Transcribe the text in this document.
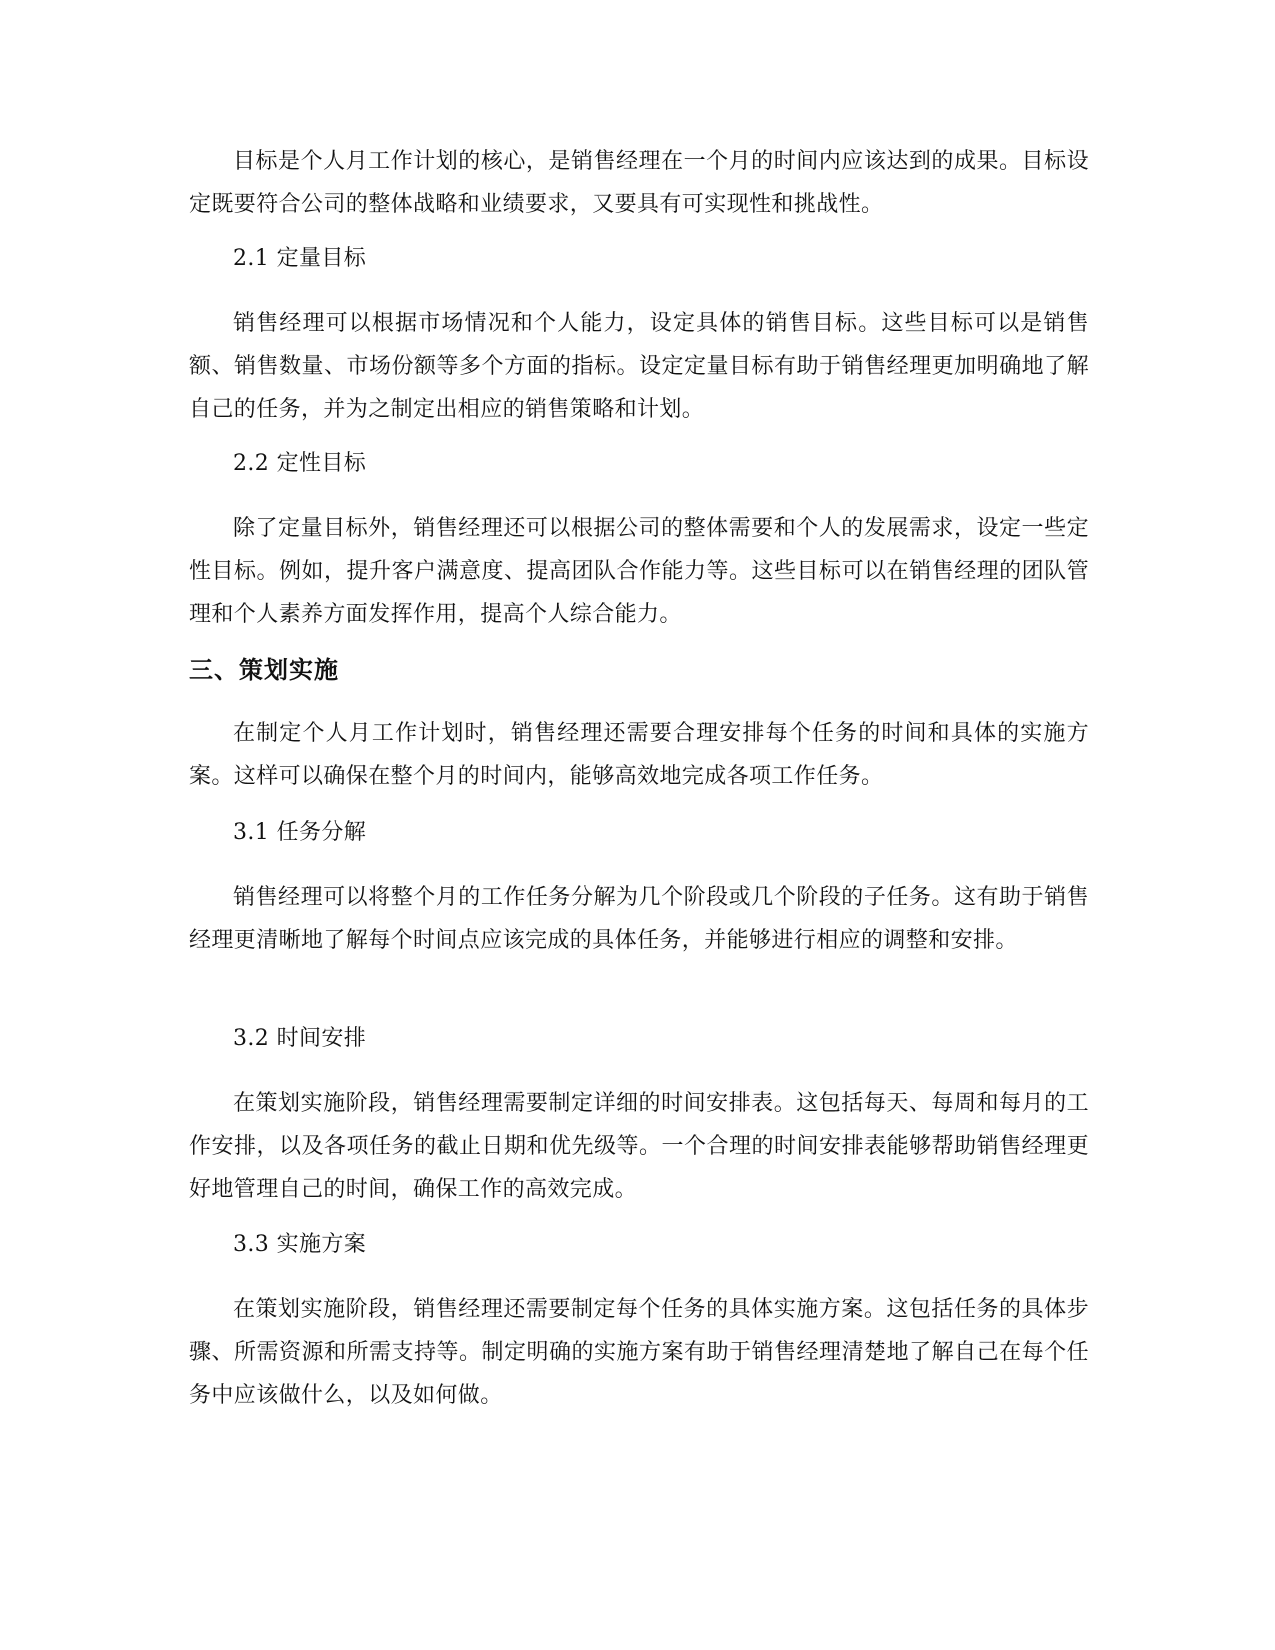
目标是个人月工作计划的核心，是销售经理在一个月的时间内应该达到的成果。目标设定既要符合公司的整体战略和业绩要求，又要具有可实现性和挑战性。

2.1 定量目标

销售经理可以根据市场情况和个人能力，设定具体的销售目标。这些目标可以是销售额、销售数量、市场份额等多个方面的指标。设定定量目标有助于销售经理更加明确地了解自己的任务，并为之制定出相应的销售策略和计划。

2.2 定性目标

除了定量目标外，销售经理还可以根据公司的整体需要和个人的发展需求，设定一些定性目标。例如，提升客户满意度、提高团队合作能力等。这些目标可以在销售经理的团队管理和个人素养方面发挥作用，提高个人综合能力。

三、策划实施

在制定个人月工作计划时，销售经理还需要合理安排每个任务的时间和具体的实施方案。这样可以确保在整个月的时间内，能够高效地完成各项工作任务。

3.1 任务分解

销售经理可以将整个月的工作任务分解为几个阶段或几个阶段的子任务。这有助于销售经理更清晰地了解每个时间点应该完成的具体任务，并能够进行相应的调整和安排。

3.2 时间安排

在策划实施阶段，销售经理需要制定详细的时间安排表。这包括每天、每周和每月的工作安排，以及各项任务的截止日期和优先级等。一个合理的时间安排表能够帮助销售经理更好地管理自己的时间，确保工作的高效完成。

3.3 实施方案

在策划实施阶段，销售经理还需要制定每个任务的具体实施方案。这包括任务的具体步骤、所需资源和所需支持等。制定明确的实施方案有助于销售经理清楚地了解自己在每个任务中应该做什么，以及如何做。
